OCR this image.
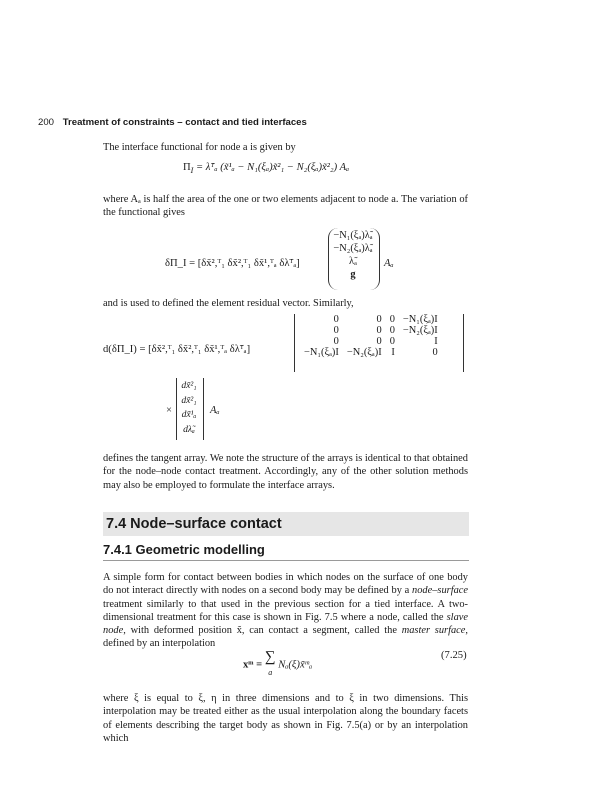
200 Treatment of constraints – contact and tied interfaces
The interface functional for node a is given by
$\Pi_I$ = λ̃ᵀₐ (x̃¹ₐ − N₁(ξₐ)x̃²₁ − N₂(ξₐ)x̃²₂) Aₐ
where Aₐ is half the area of the one or two elements adjacent to node a. The variation of the functional gives
δΠ_I = [δx̃²,ᵀ₁ δx̃²,ᵀ₁ δx̃¹,ᵀₐ δλ̃ᵀₐ]
−N₁(ξₐ)λ̃ₐ
−N₂(ξₐ)λ̃ₐ
λ̃ₐ
g
Aₐ
and is used to defined the element residual vector. Similarly,
d(δΠ_I) = [δx̃²,ᵀ₁ δx̃²,ᵀ₁ δx̃¹,ᵀₐ δλ̃ᵀₐ]
0	0	0	−N₁(ξₐ)I
0	0	0	−N₂(ξₐ)I
0	0	0	I
−N₁(ξₐ)I	−N₂(ξₐ)I	I	0
×
dx̃²₁
dx̃²₁
dx̃¹ₐ
dλ̃ₐ
Aₐ
defines the tangent array. We note the structure of the arrays is identical to that obtained for the node–node contact treatment. Accordingly, any of the other solution methods may also be employed to formulate the interface arrays.
7.4 Node–surface contact
7.4.1 Geometric modelling
A simple form for contact between bodies in which nodes on the surface of one body do not interact directly with nodes on a second body may be defined by a node–surface treatment similarly to that used in the previous section for a tied interface. A two-dimensional treatment for this case is shown in Fig. 7.5 where a node, called the slave node, with deformed position x̃, can contact a segment, called the master surface, defined by an interpolation
xᵐ = ∑
a Nₐ(ξ)x̃ᵐₐ
(7.25)
where ξ is equal to ξ, η in three dimensions and to ξ in two dimensions. This interpolation may be treated either as the usual interpolation along the boundary facets of elements describing the target body as shown in Fig. 7.5(a) or by an interpolation which
